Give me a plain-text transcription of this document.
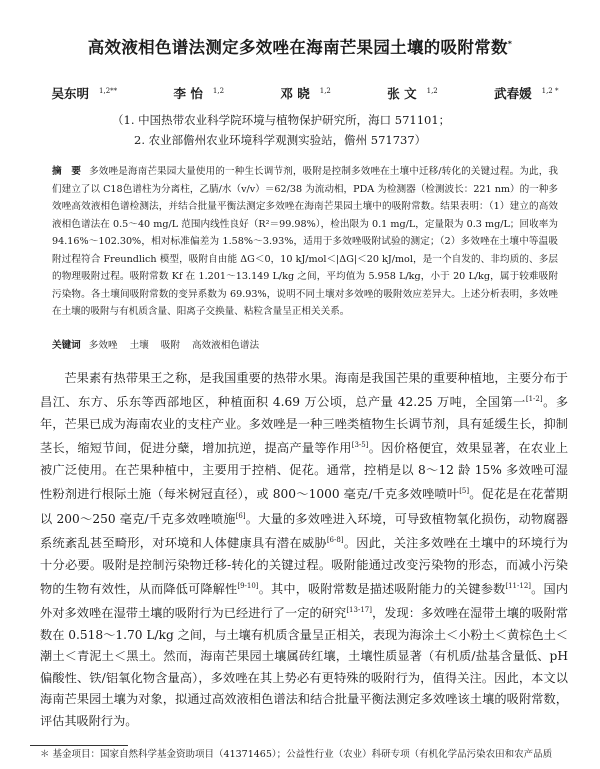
高效液相色谱法测定多效唑在海南芒果园土壤的吸附常数*
吴东明 $^{1,2**}$	李 怡 $^{1,2}$	邓 晓 $^{1,2}$	张 文 $^{1,2}$	武春媛 $^{1,2 *}$
（1. 中国热带农业科学院环境与植物保护研究所，海口 571101；
2. 农业部儋州农业环境科学观测实验站，儋州 571737）
摘　要 多效唑是海南芒果园大量使用的一种生长调节剂，吸附是控制多效唑在土壤中迁移/转化的关键过程。为此，我们建立了以 C18色谱柱为分离柱，乙腈/水（v/v）＝62/38 为流动相，PDA 为检测器（检测波长：221 nm）的一种多效唑高效液相色谱检测法，并结合批量平衡法测定多效唑在海南芒果园土壤中的吸附常数。结果表明：（1）建立的高效液相色谱法在 0.5～40 mg/L 范围内线性良好（R²＝99.98%），检出限为 0.1 mg/L，定量限为 0.3 mg/L；回收率为 94.16%～102.30%，相对标准偏差为 1.58%～3.93%，适用于多效唑吸附试验的测定；（2）多效唑在土壤中等温吸附过程符合 Freundlich 模型，吸附自由能 ΔG＜0，10 kJ/mol＜|ΔG|＜20 kJ/mol，是一个自发的、非均质的、多层的物理吸附过程。吸附常数 Kf 在 1.201～13.149 L/kg 之间，平均值为 5.958 L/kg，小于 20 L/kg，属于较难吸附污染物。各土壤间吸附常数的变异系数为 69.93%，说明不同土壤对多效唑的吸附效应差异大。上述分析表明，多效唑在土壤的吸附与有机质含量、阳离子交换量、粘粒含量呈正相关关系。
关键词 多效唑 土壤 吸附 高效液相色谱法
芒果素有热带果王之称，是我国重要的热带水果。海南是我国芒果的重要种植地，主要分布于昌江、东方、乐东等西部地区，种植面积 4.69 万公顷，总产量 42.25 万吨，全国第一[1-2]。多年，芒果已成为海南农业的支柱产业。多效唑是一种三唑类植物生长调节剂，具有延缓生长，抑制茎长，缩短节间，促进分蘖，增加抗逆，提高产量等作用[3-5]。因价格便宜，效果显著，在农业上被广泛使用。在芒果种植中，主要用于控梢、促花。通常，控梢是以 8～12 龄 15% 多效唑可湿性粉剂进行根际土施（每米树冠直径），或 800～1000 毫克/千克多效唑喷叶[5]。促花是在花蕾期以 200～250 毫克/千克多效唑喷施[6]。大量的多效唑进入环境，可导致植物氧化损伤，动物腐器系统紊乱甚至畸形，对环境和人体健康具有潜在威胁[6-8]。因此，关注多效唑在土壤中的环境行为十分必要。吸附是控制污染物迁移-转化的关键过程。吸附能通过改变污染物的形态，而减小污染物的生物有效性，从而降低可降解性[9-10]。其中，吸附常数是描述吸附能力的关键参数[11-12]。国内外对多效唑在湿带土壤的吸附行为已经进行了一定的研究[13-17]，发现：多效唑在湿带土壤的吸附常数在 0.518～1.70 L/kg 之间，与土壤有机质含量呈正相关，表现为海涂土＜小粉土＜黄棕色土＜潮土＜青泥土＜黑土。然而，海南芒果园土壤属砖红壤，土壤性质显著（有机质/盐基含量低、pH 偏酸性、铁/铝氧化物含量高），多效唑在其上势必有更特殊的吸附行为，值得关注。因此，本文以海南芒果园土壤为对象，拟通过高效液相色谱法和结合批量平衡法测定多效唑该土壤的吸附常数，评估其吸附行为。
＊ 基金项目：国家自然科学基金资助项目（41371465）；公益性行业（农业）科研专项（有机化学品污染农田和农产品质
